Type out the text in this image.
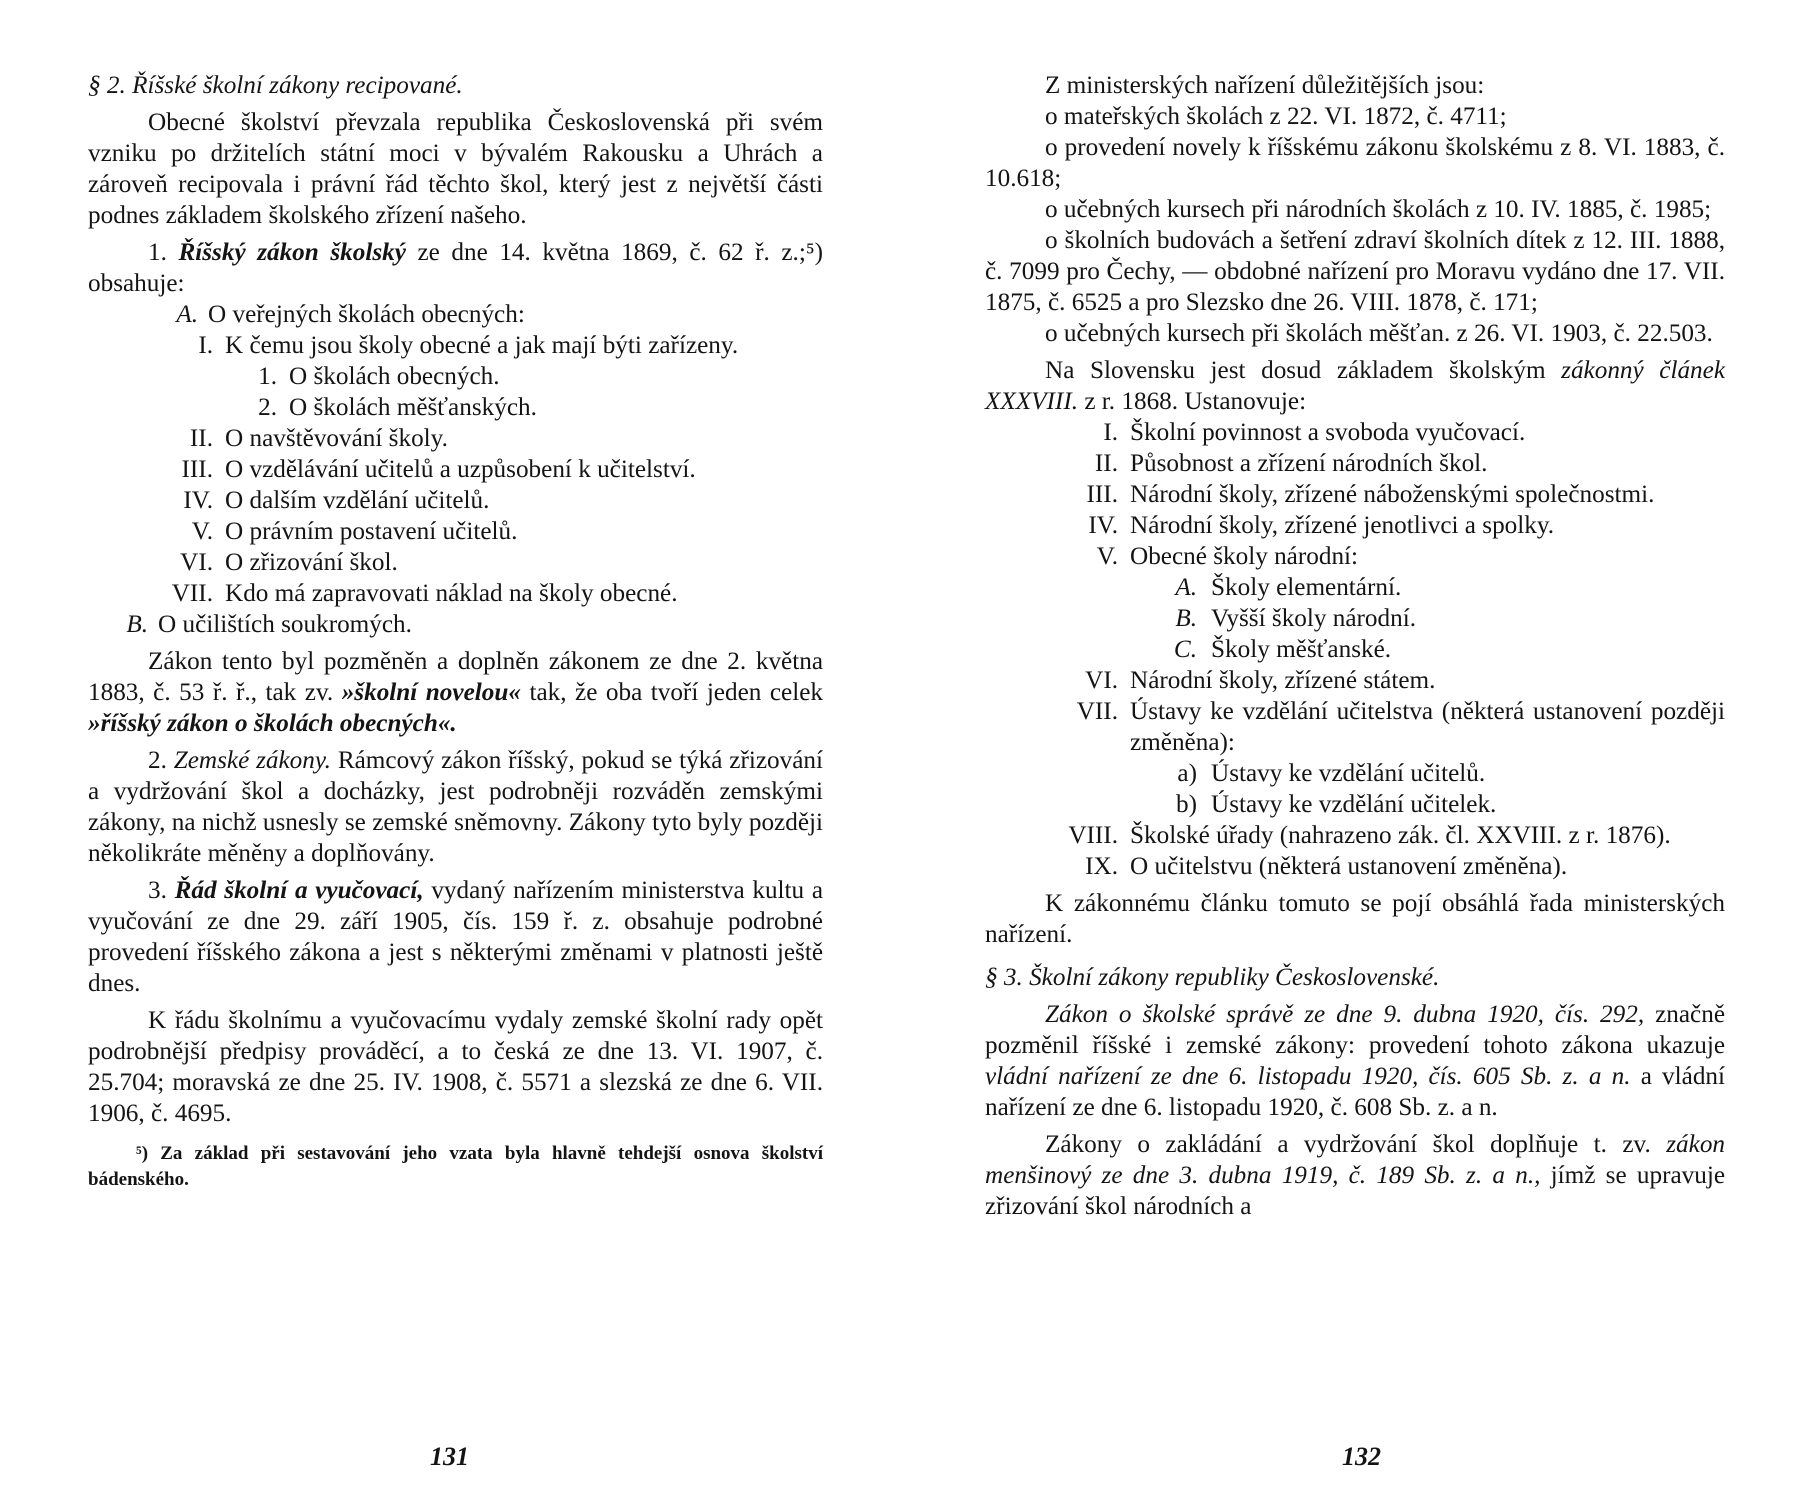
§ 2. Říšské školní zákony recipované.

Obecné školství převzala republika Československá při svém vzniku po držitelích státní moci v bývalém Rakousku a Uhrách a zároveň recipovala i právní řád těchto škol, který jest z největší části podnes základem školského zřízení našeho.

1. Říšský zákon školský ze dne 14. května 1869, č. 62 ř. z.;⁵) obsahuje:

A. O veřejných školách obecných:
I. K čemu jsou školy obecné a jak mají býti zařízeny.
1. O školách obecných.
2. O školách měšťanských.
II. O navštěvování školy.
III. O vzdělávání učitelů a uzpůsobení k učitelství.
IV. O dalším vzdělání učitelů.
V. O právním postavení učitelů.
VI. O zřizování škol.
VII. Kdo má zapravovati náklad na školy obecné.
B. O učilištích soukromých.

Zákon tento byl pozměněn a doplněn zákonem ze dne 2. května 1883, č. 53 ř. ř., tak zv. »školní novelou« tak, že oba tvoří jeden celek »říšský zákon o školách obecných«.

2. Zemské zákony. Rámcový zákon říšský, pokud se týká zřizování a vydržování škol a docházky, jest podrobněji rozváděn zemskými zákony, na nichž usnesly se zemské sněmovny. Zákony tyto byly později několikráte měněny a doplňovány.

3. Řád školní a vyučovací, vydaný nařízením ministerstva kultu a vyučování ze dne 29. září 1905, čís. 159 ř. z. obsahuje podrobné provedení říšského zákona a jest s některými změnami v platnosti ještě dnes.

K řádu školnímu a vyučovacímu vydaly zemské školní rady opět podrobnější předpisy prováděcí, a to česká ze dne 13. VI. 1907, č. 25.704; moravská ze dne 25. IV. 1908, č. 5571 a slezská ze dne 6. VII. 1906, č. 4695.

⁵) Za základ při sestavování jeho vzata byla hlavně tehdejší osnova školství bádenského.

131

Z ministerských nařízení důležitějších jsou:

o mateřských školách z 22. VI. 1872, č. 4711;

o provedení novely k říšskému zákonu školskému z 8. VI. 1883, č. 10.618;

o učebných kursech při národních školách z 10. IV. 1885, č. 1985;

o školních budovách a šetření zdraví školních dítek z 12. III. 1888, č. 7099 pro Čechy, — obdobné nařízení pro Moravu vydáno dne 17. VII. 1875, č. 6525 a pro Slezsko dne 26. VIII. 1878, č. 171;

o učebných kursech při školách měšťan. z 26. VI. 1903, č. 22.503.

Na Slovensku jest dosud základem školským zákonný článek XXXVIII. z r. 1868. Ustanovuje:

I. Školní povinnost a svoboda vyučovací.
II. Působnost a zřízení národních škol.
III. Národní školy, zřízené náboženskými společnostmi.
IV. Národní školy, zřízené jenotlivci a spolky.
V. Obecné školy národní:
A. Školy elementární.
B. Vyšší školy národní.
C. Školy měšťanské.
VI. Národní školy, zřízené státem.
VII. Ústavy ke vzdělání učitelstva (některá ustanovení později změněna):
a) Ústavy ke vzdělání učitelů.
b) Ústavy ke vzdělání učitelek.
VIII. Školské úřady (nahrazeno zák. čl. XXVIII. z r. 1876).
IX. O učitelstvu (některá ustanovení změněna).

K zákonnému článku tomuto se pojí obsáhlá řada ministerských nařízení.

§ 3. Školní zákony republiky Československé.

Zákon o školské správě ze dne 9. dubna 1920, čís. 292, značně pozměnil říšské i zemské zákony: provedení tohoto zákona ukazuje vládní nařízení ze dne 6. listopadu 1920, čís. 605 Sb. z. a n. a vládní nařízení ze dne 6. listopadu 1920, č. 608 Sb. z. a n.

Zákony o zakládání a vydržování škol doplňuje t. zv. zákon menšinový ze dne 3. dubna 1919, č. 189 Sb. z. a n., jímž se upravuje zřizování škol národních a

132
